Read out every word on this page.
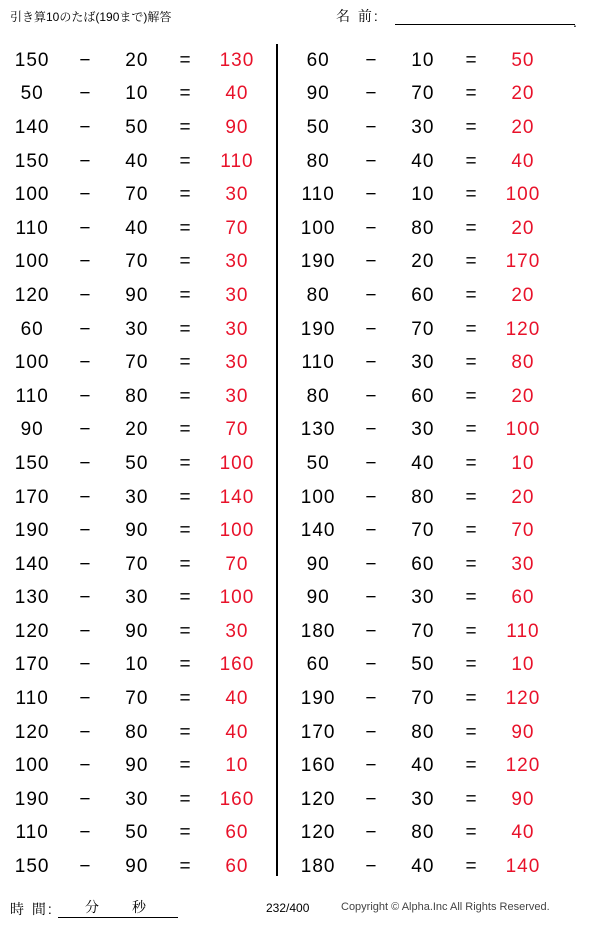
引き算10のたば(190まで)解答	名 前:	.
150	−	20	=	130
50	−	10	=	40
140	−	50	=	90
150	−	40	=	110
100	−	70	=	30
110	−	40	=	70
100	−	70	=	30
120	−	90	=	30
60	−	30	=	30
100	−	70	=	30
110	−	80	=	30
90	−	20	=	70
150	−	50	=	100
170	−	30	=	140
190	−	90	=	100
140	−	70	=	70
130	−	30	=	100
120	−	90	=	30
170	−	10	=	160
110	−	70	=	40
120	−	80	=	40
100	−	90	=	10
190	−	30	=	160
110	−	50	=	60
150	−	90	=	60
60	−	10	=	50
90	−	70	=	20
50	−	30	=	20
80	−	40	=	40
110	−	10	=	100
100	−	80	=	20
190	−	20	=	170
80	−	60	=	20
190	−	70	=	120
110	−	30	=	80
80	−	60	=	20
130	−	30	=	100
50	−	40	=	10
100	−	80	=	20
140	−	70	=	70
90	−	60	=	30
90	−	30	=	60
180	−	70	=	110
60	−	50	=	10
190	−	70	=	120
170	−	80	=	90
160	−	40	=	120
120	−	30	=	90
120	−	80	=	40
180	−	40	=	140
時 間: 分 秒	232/400	Copyright © Alpha.Inc All Rights Reserved.
